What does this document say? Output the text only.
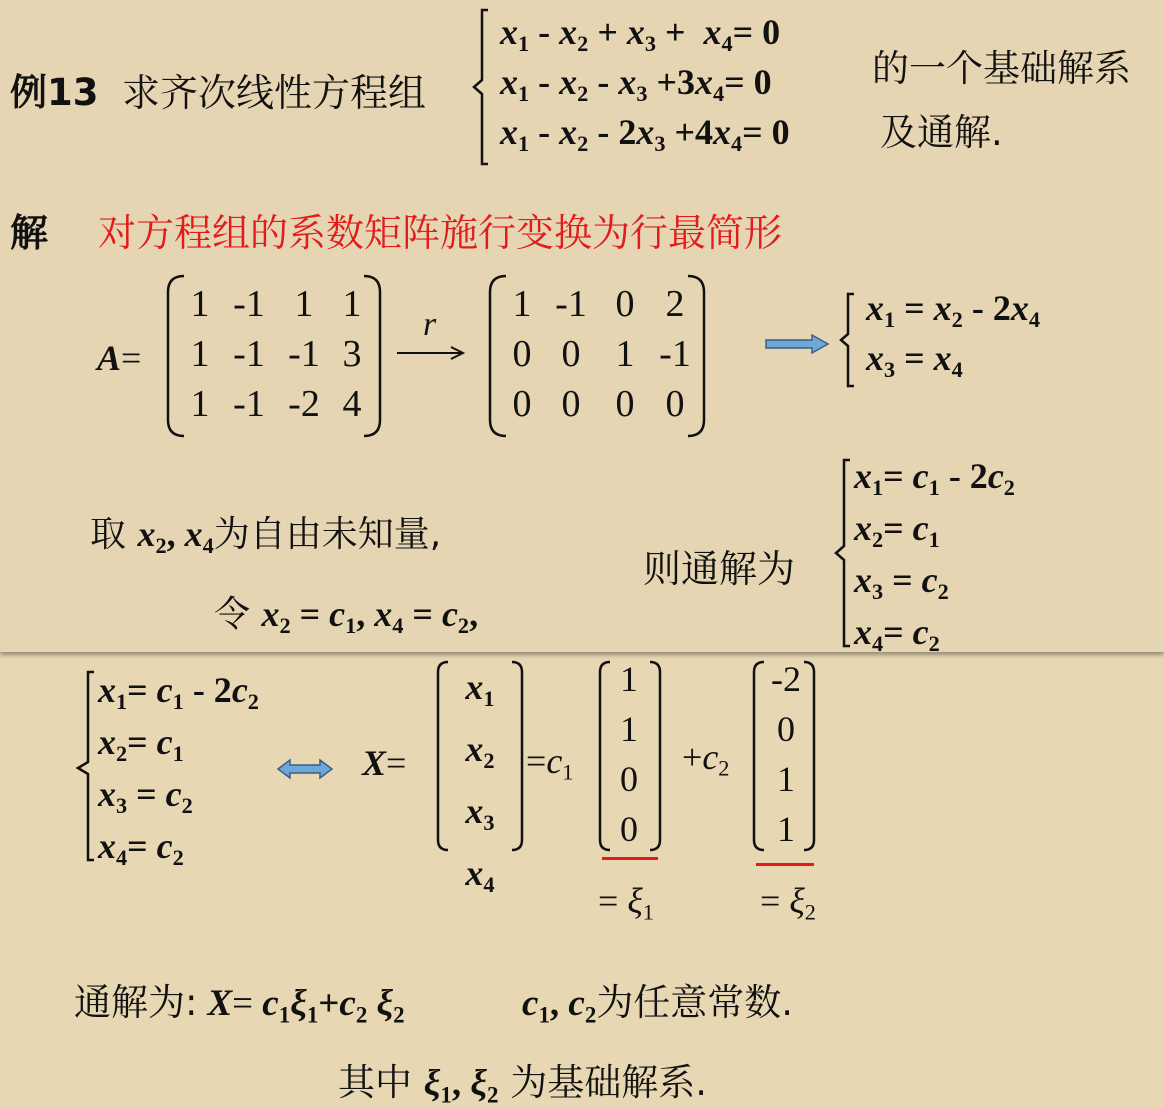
例13 求齐次线性方程组
$x_1 - x_2 + x_3 + x_4= 0$
$x_1 - x_2 - x_3 +3x_4= 0$
$x_1 - x_2 - 2x_3 +4x_4= 0$
的一个基础解系
及通解.
解 对方程组的系数矩阵施行变换为行最简形
A=
1 -1 1 1
1 -1 -1 3
1 -1 -2 4
r	1 -1 0 2
0 0 1 -1
0 0 0 0
$x_1 = x_2 - 2x_4$
$x_3 = x_4$
取 $x_2$, $x_4$为自由未知量,
令 $x_2 = c_1$, $x_4 = c_2$,
则通解为
$x_1= c_1 - 2c_2$
$x_2= c_1$
$x_3 = c_2$
$x_4= c_2$
$x_1= c_1 - 2c_2$
$x_2= c_1$
$x_3 = c_2$
$x_4= c_2$
X=
$x_1$
$x_2$
$x_3$
$x_4$
$=c_1$
1
1
0
0
$+c_2$
-2
0
1
1
= $\xi_1$	= $\xi_2$
通解为: $X= c_1\xi_1+c_2$ $\xi_2$	$c_1$, $c_2$为任意常数.
其中 $\xi_1$, $\xi_2$ 为基础解系.
